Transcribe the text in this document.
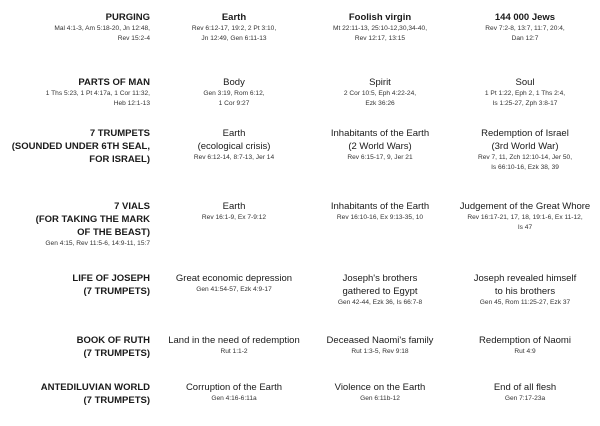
PURGING
Mal 4:1-3, Am 5:18-20, Jn 12:48,
Rev 15:2-4
Earth
Rev 6:12-17, 19:2, 2 Pt 3:10,
Jn 12:49, Gen 6:11-13
Foolish virgin
Mt 22:11-13, 25:10-12,30,34-40,
Rev 12:17, 13:15
144 000 Jews
Rev 7:2-8, 13:7, 11:7, 20:4,
Dan 12:7
PARTS OF MAN
1 Ths 5:23, 1 Pt 4:17a, 1 Cor 11:32,
Heb 12:1-13
Body
Gen 3:19, Rom 6:12,
1 Cor 9:27
Spirit
2 Cor 10:5, Eph 4:22-24,
Ezk 36:26
Soul
1 Pt 1:22, Eph 2, 1 Ths 2:4,
Is 1:25-27, Zph 3:8-17
7 TRUMPETS
(SOUNDED UNDER 6TH SEAL,
FOR ISRAEL)
Earth
(ecological crisis)
Rev 6:12-14, 8:7-13, Jer 14
Inhabitants of the Earth
(2 World Wars)
Rev 6:15-17, 9, Jer 21
Redemption of Israel
(3rd World War)
Rev 7, 11, Zch 12:10-14, Jer 50,
Is 66:10-16, Ezk 38, 39
7 VIALS
(FOR TAKING THE MARK
OF THE BEAST)
Gen 4:15, Rev 11:5-6, 14:9-11, 15:7
Earth
Rev 16:1-9, Ex 7-9:12
Inhabitants of the Earth
Rev 16:10-16, Ex 9:13-35, 10
Judgement of the Great Whore
Rev 16:17-21, 17, 18, 19:1-6, Ex 11-12,
Is 47
LIFE OF JOSEPH
(7 TRUMPETS)
Great economic depression
Gen 41:54-57, Ezk 4:9-17
Joseph's brothers
gathered to Egypt
Gen 42-44, Ezk 36, Is 66:7-8
Joseph revealed himself
to his brothers
Gen 45, Rom 11:25-27, Ezk 37
BOOK OF RUTH
(7 TRUMPETS)
Land in the need of redemption
Rut 1:1-2
Deceased Naomi's family
Rut 1:3-5, Rev 9:18
Redemption of Naomi
Rut 4:9
ANTEDILUVIAN WORLD
(7 TRUMPETS)
Corruption of the Earth
Gen 4:16-6:11a
Violence on the Earth
Gen 6:11b-12
End of all flesh
Gen 7:17-23a
